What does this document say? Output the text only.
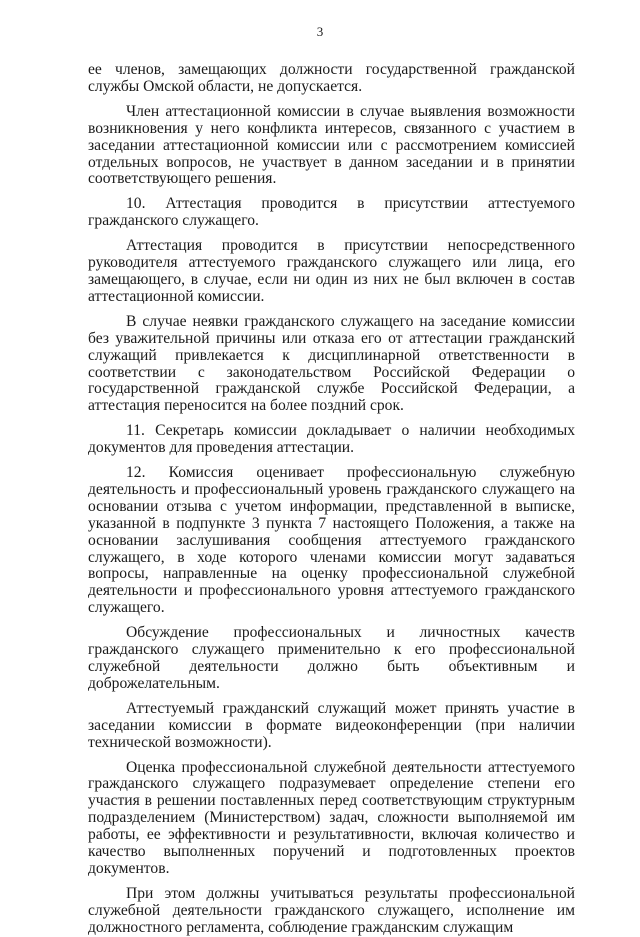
3

ее членов, замещающих должности государственной гражданской службы Омской области, не допускается.

Член аттестационной комиссии в случае выявления возможности возникновения у него конфликта интересов, связанного с участием в заседании аттестационной комиссии или с рассмотрением комиссией отдельных вопросов, не участвует в данном заседании и в принятии соответствующего решения.

10. Аттестация проводится в присутствии аттестуемого гражданского служащего.

Аттестация проводится в присутствии непосредственного руководителя аттестуемого гражданского служащего или лица, его замещающего, в случае, если ни один из них не был включен в состав аттестационной комиссии.

В случае неявки гражданского служащего на заседание комиссии без уважительной причины или отказа его от аттестации гражданский служащий привлекается к дисциплинарной ответственности в соответствии с законодательством Российской Федерации о государственной гражданской службе Российской Федерации, а аттестация переносится на более поздний срок.

11. Секретарь комиссии докладывает о наличии необходимых документов для проведения аттестации.

12. Комиссия оценивает профессиональную служебную деятельность и профессиональный уровень гражданского служащего на основании отзыва с учетом информации, представленной в выписке, указанной в подпункте 3 пункта 7 настоящего Положения, а также на основании заслушивания сообщения аттестуемого гражданского служащего, в ходе которого членами комиссии могут задаваться вопросы, направленные на оценку профессиональной служебной деятельности и профессионального уровня аттестуемого гражданского служащего.

Обсуждение профессиональных и личностных качеств гражданского служащего применительно к его профессиональной служебной деятельности должно быть объективным и доброжелательным.

Аттестуемый гражданский служащий может принять участие в заседании комиссии в формате видеоконференции (при наличии технической возможности).

Оценка профессиональной служебной деятельности аттестуемого гражданского служащего подразумевает определение степени его участия в решении поставленных перед соответствующим структурным подразделением (Министерством) задач, сложности выполняемой им работы, ее эффективности и результативности, включая количество и качество выполненных поручений и подготовленных проектов документов.

При этом должны учитываться результаты профессиональной служебной деятельности гражданского служащего, исполнение им должностного регламента, соблюдение гражданским служащим
